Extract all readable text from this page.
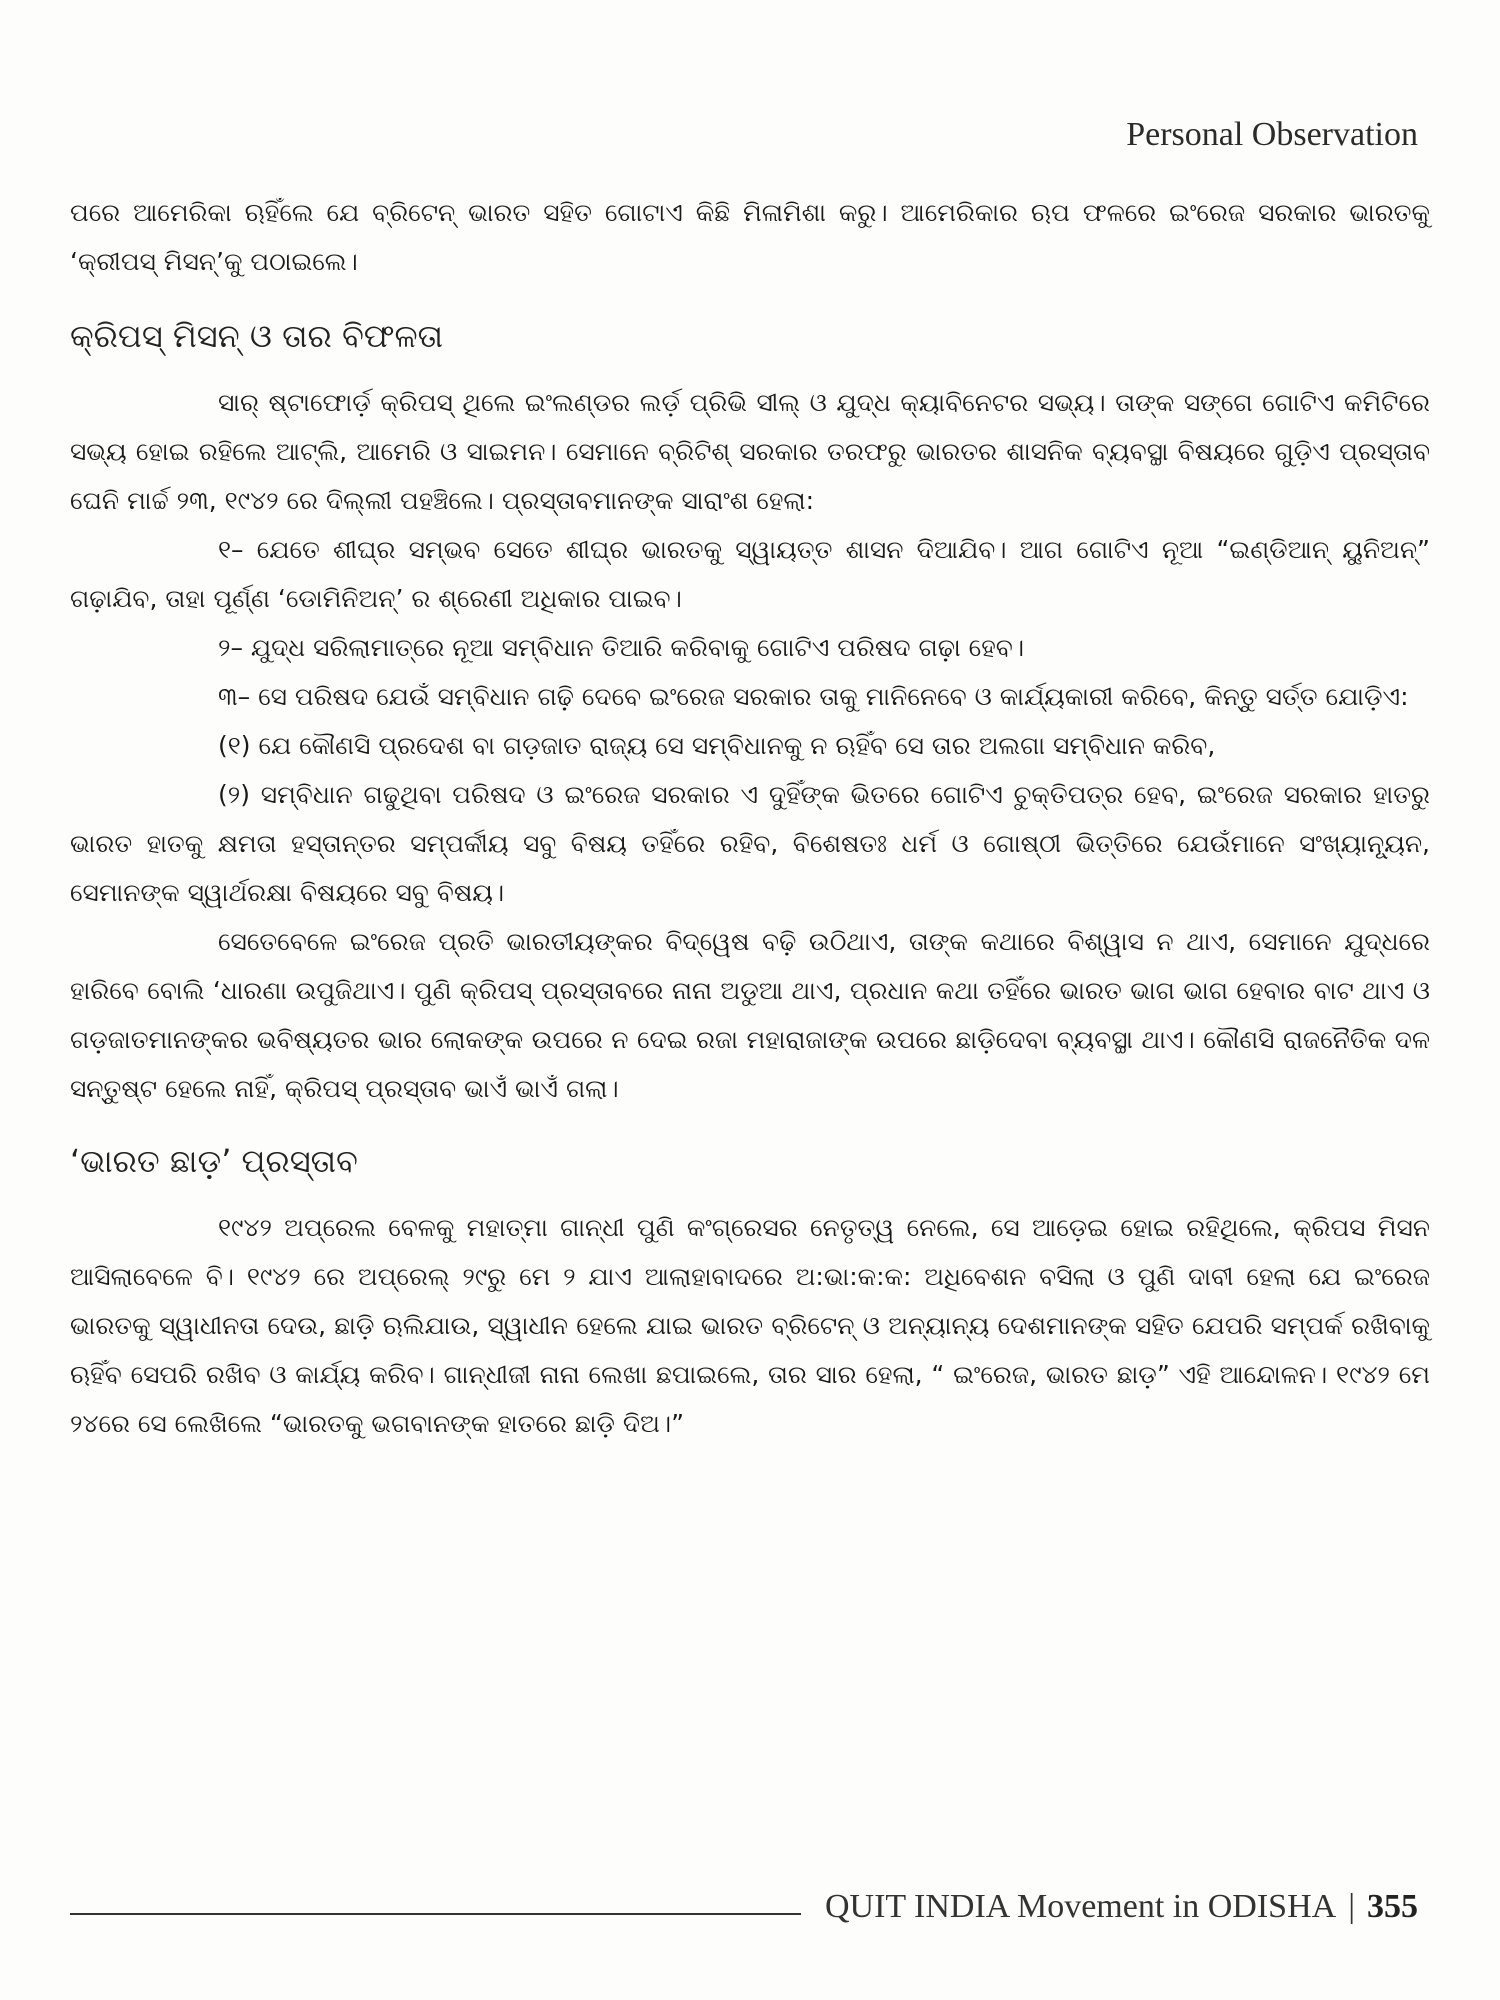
Personal Observation

ପରେ ଆମେରିକା ଋହିଁଲେ ଯେ ବ୍ରିଟେନ୍ ଭାରତ ସହିତ ଗୋଟାଏ କିଛି ମିଳାମିଶା କରୁ। ଆମେରିକାର ଋପ ଫଳରେ ଇଂରେଜ ସରକାର ଭାରତକୁ ‘କ୍ରୀପସ୍ ମିସନ୍’କୁ ପଠାଇଲେ।

କ୍ରିପସ୍ ମିସନ୍ ଓ ତାର ବିଫଳତା

ସାର୍ ଷ୍ଟାଫୋର୍ଡ଼ କ୍ରିପସ୍ ଥିଲେ ଇଂଲଣ୍ଡର ଲର୍ଡ଼ ପ୍ରିଭି ସୀଲ୍ ଓ ଯୁଦ୍ଧ କ୍ୟାବିନେଟର ସଭ୍ୟ। ତାଙ୍କ ସଙ୍ଗେ ଗୋଟିଏ କମିଟିରେ ସଭ୍ୟ ହୋଇ ରହିଲେ ଆଟ୍‌ଲି, ଆମେରି ଓ ସାଇମନ। ସେମାନେ ବ୍ରିଟିଶ୍ ସରକାର ତରଫରୁ ଭାରତର ଶାସନିକ ବ୍ୟବସ୍ଥା ବିଷୟରେ ଗୁଡ଼ିଏ ପ୍ରସ୍ତାବ ଘେନି ମାର୍ଚ୍ଚ ୨୩, ୧୯୪୨ ରେ ଦିଲ୍ଲୀ ପହଞ୍ଚିଲେ। ପ୍ରସ୍ତାବମାନଙ୍କ ସାରାଂଶ ହେଲା:

୧– ଯେତେ ଶୀଘ୍ର ସମ୍ଭବ ସେତେ ଶୀଘ୍ର ଭାରତକୁ ସ୍ୱାୟତ୍ତ ଶାସନ ଦିଆଯିବ। ଆଗ ଗୋଟିଏ ନୂଆ “ଇଣ୍ଡିଆନ୍ ୟୁନିଅନ୍” ଗଢ଼ାଯିବ, ତାହା ପୂର୍ଣ୍ଣ ‘ଡୋମିନିଅନ୍’ ର ଶ୍ରେଣୀ ଅଧିକାର ପାଇବ।

୨– ଯୁଦ୍ଧ ସରିଲାମାତ୍ରେ ନୂଆ ସମ୍ବିଧାନ ତିଆରି କରିବାକୁ ଗୋଟିଏ ପରିଷଦ ଗଢ଼ା ହେବ।

୩– ସେ ପରିଷଦ ଯେଉଁ ସମ୍ବିଧାନ ଗଢ଼ି ଦେବେ ଇଂରେଜ ସରକାର ତାକୁ ମାନିନେବେ ଓ କାର୍ଯ୍ୟକାରୀ କରିବେ, କିନ୍ତୁ ସର୍ତ୍ତ ଯୋଡ଼ିଏ:

(୧) ଯେ କୌଣସି ପ୍ରଦେଶ ବା ଗଡ଼ଜାତ ରାଜ୍ୟ ସେ ସମ୍ବିଧାନକୁ ନ ଋହିଁବ ସେ ତାର ଅଲଗା ସମ୍ବିଧାନ କରିବ,

(୨) ସମ୍ବିଧାନ ଗଢୁଥିବା ପରିଷଦ ଓ ଇଂରେଜ ସରକାର ଏ ଦୁହିଁଙ୍କ ଭିତରେ ଗୋଟିଏ ଚୁକ୍ତିପତ୍ର ହେବ, ଇଂରେଜ ସରକାର ହାତରୁ ଭାରତ ହାତକୁ କ୍ଷମତା ହସ୍ତାନ୍ତର ସମ୍ପର୍କୀୟ ସବୁ ବିଷୟ ତହିଁରେ ରହିବ, ବିଶେଷତଃ ଧର୍ମ ଓ ଗୋଷ୍ଠୀ ଭିତ୍ତିରେ ଯେଉଁମାନେ ସଂଖ୍ୟାନ୍ୟୂନ, ସେମାନଙ୍କ ସ୍ୱାର୍ଥରକ୍ଷା ବିଷୟରେ ସବୁ ବିଷୟ।

ସେତେବେଳେ ଇଂରେଜ ପ୍ରତି ଭାରତୀୟଙ୍କର ବିଦ୍ୱେଷ ବଢ଼ି ଉଠିଥାଏ, ତାଙ୍କ କଥାରେ ବିଶ୍ୱାସ ନ ଥାଏ, ସେମାନେ ଯୁଦ୍ଧରେ ହାରିବେ ବୋଲି ‘ଧାରଣା ଉପୁଜିଥାଏ। ପୁଣି କ୍ରିପସ୍ ପ୍ରସ୍ତାବରେ ନାନା ଅଡୁଆ ଥାଏ, ପ୍ରଧାନ କଥା ତହିଁରେ ଭାରତ ଭାଗ ଭାଗ ହେବାର ବାଟ ଥାଏ ଓ ଗଡ଼ଜାତମାନଙ୍କର ଭବିଷ୍ୟତର ଭାର ଲୋକଙ୍କ ଉପରେ ନ ଦେଇ ରଜା ମହାରାଜାଙ୍କ ଉପରେ ଛାଡ଼ିଦେବା ବ୍ୟବସ୍ଥା ଥାଏ। କୌଣସି ରାଜନୈତିକ ଦଳ ସନ୍ତୁଷ୍ଟ ହେଲେ ନାହିଁ, କ୍ରିପସ୍ ପ୍ରସ୍ତାବ ଭାଏଁ ଭାଏଁ ଗଲା।

‘ଭାରତ ଛାଡ଼’ ପ୍ରସ୍ତାବ

୧୯୪୨ ଅପ୍ରେଲ ବେଳକୁ ମହାତ୍ମା ଗାନ୍ଧୀ ପୁଣି କଂଗ୍ରେସର ନେତୃତ୍ୱ ନେଲେ, ସେ ଆଡ଼େଇ ହୋଇ ରହିଥିଲେ, କ୍ରିପସ ମିସନ ଆସିଲାବେଳେ ବି। ୧୯୪୨ ରେ ଅପ୍ରେଲ୍ ୨୯ରୁ ମେ ୨ ଯାଏ ଆଲାହାବାଦରେ ଅ:ଭା:କ:କ: ଅଧିବେଶନ ବସିଲା ଓ ପୁଣି ଦାବୀ ହେଲା ଯେ ଇଂରେଜ ଭାରତକୁ ସ୍ୱାଧୀନତା ଦେଉ, ଛାଡ଼ି ଋଲିଯାଉ, ସ୍ୱାଧୀନ ହେଲେ ଯାଇ ଭାରତ ବ୍ରିଟେନ୍ ଓ ଅନ୍ୟାନ୍ୟ ଦେଶମାନଙ୍କ ସହିତ ଯେପରି ସମ୍ପର୍କ ରଖିବାକୁ ଋହିଁବ ସେପରି ରଖିବ ଓ କାର୍ଯ୍ୟ କରିବ। ଗାନ୍ଧୀଜୀ ନାନା ଲେଖା ଛପାଇଲେ, ତାର ସାର ହେଲା, “ ଇଂରେଜ, ଭାରତ ଛାଡ଼” ଏହି ଆନ୍ଦୋଳନ। ୧୯୪୨ ମେ ୨୪ରେ ସେ ଲେଖିଲେ “ଭାରତକୁ ଭଗବାନଙ୍କ ହାତରେ ଛାଡ଼ି ଦିଅ।”

QUIT INDIA Movement in ODISHA | 355
